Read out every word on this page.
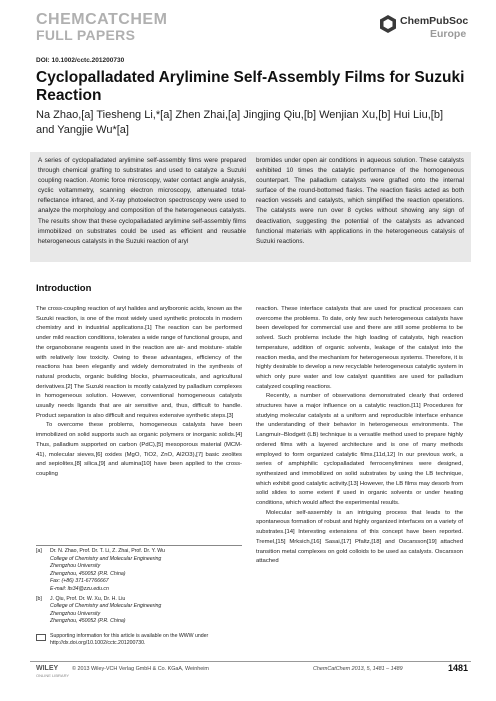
CHEMCATCHEM
FULL PAPERS
ChemPubSoc
Europe
DOI: 10.1002/cctc.201200730
Cyclopalladated Arylimine Self-Assembly Films for Suzuki Reaction
Na Zhao,[a] Tiesheng Li,*[a] Zhen Zhai,[a] Jingjing Qiu,[b] Wenjian Xu,[b] Hui Liu,[b] and Yangjie Wu*[a]
A series of cyclopalladated arylimine self-assembly films were prepared through chemical grafting to substrates and used to catalyze a Suzuki coupling reaction. Atomic force microscopy, water contact angle analysis, cyclic voltammetry, scanning electron microscopy, attenuated total-reflectance infrared, and X-ray photoelectron spectroscopy were used to analyze the morphology and composition of the heterogeneous catalysts. The results show that these cyclopalladated arylimine self-assembly films immobilized on substrates could be used as efficient and reusable heterogeneous catalysts in the Suzuki reaction of aryl
bromides under open air conditions in aqueous solution. These catalysts exhibited 10 times the catalytic performance of the homogeneous counterpart. The palladium catalysts were grafted onto the internal surface of the round-bottomed flasks. The reaction flasks acted as both reaction vessels and catalysts, which simplified the reaction operations. The catalysts were run over 8 cycles without showing any sign of deactivation, suggesting the potential of the catalysts as advanced functional materials with applications in the heterogeneous catalysis of Suzuki reactions.
Introduction

The cross-coupling reaction of aryl halides and arylboronic acids, known as the Suzuki reaction, is one of the most widely used synthetic protocols in modern chemistry and in industrial applications.[1] The reaction can be performed under mild reaction conditions, tolerates a wide range of functional groups, and the organoborane reagents used in the reaction are air- and moisture- stable with relatively low toxicity. Owing to these advantages, efficiency of the reactions has been elegantly and widely demonstrated in the synthesis of natural products, organic building blocks, pharmaceuticals, and agricultural derivatives.[2] The Suzuki reaction is mostly catalyzed by palladium complexes in homogeneous solution. However, conventional homogeneous catalysts usually needs ligands that are air sensitive and, thus, difficult to handle. Product separation is also difficult and requires extensive synthetic steps.[3]

To overcome these problems, homogeneous catalysts have been immobilized on solid supports such as organic polymers or inorganic solids.[4] Thus, palladium supported on carbon (PdC),[5] mesoporous material (MCM-41), molecular sieves,[6] oxides (MgO, TiO2, ZnO, Al2O3),[7] basic zeolites and sepiolites,[8] silica,[9] and alumina[10] have been applied to the cross-coupling

reaction. These interface catalysts that are used for practical processes can overcome the problems. To date, only few such heterogeneous catalysts have been developed for commercial use and there are still some problems to be solved. Such problems include the high loading of catalysts, high reaction temperature, addition of organic solvents, leakage of the catalyst into the reaction media, and the mechanism for heterogeneous systems. Therefore, it is highly desirable to develop a new recyclable heterogeneous catalytic system in which only pure water and low catalyst quantities are used for palladium catalyzed coupling reactions.

Recently, a number of observations demonstrated clearly that ordered structures have a major influence on a catalytic reaction.[11] Procedures for studying molecular catalysts at a uniform and reproducible interface enhance the understanding of their behavior in heterogeneous environments. The Langmuir–Blodgett (LB) technique is a versatile method used to prepare highly ordered films with a layered architecture and is one of many methods employed to form organized catalytic films.[11d,12] In our previous work, a series of amphiphilic cyclopalladated ferrocenylimines were designed, synthesized and immobilized on solid substrates by using the LB technique, which exhibit good catalytic activity.[13] However, the LB films may desorb from solid slides to some extent if used in organic solvents or under heating conditions, which would affect the experimental results.

Molecular self-assembly is an intriguing process that leads to the spontaneous formation of robust and highly organized interfaces on a variety of substrates.[14] Interesting extensions of this concept have been reported. Tremel,[15] Mrksich,[16] Sasai,[17] Pfaltz,[18] and Oscarsson[19] attached transition metal complexes on gold colloids to be used as catalysts. Oscarsson attached

[a]	Dr. N. Zhao, Prof. Dr. T. Li, Z. Zhai, Prof. Dr. Y. Wu
College of Chemistry and Molecular Engineering
Zhengzhou University
Zhengzhou, 450052 (P.R. China)
Fax: (+86) 371-67766667
E-mail: lts34@zzu.edu.cn
[b]	J. Qiu, Prof. Dr. W. Xu, Dr. H. Liu
College of Chemistry and Molecular Engineering
Zhengzhou University
Zhengzhou, 450052 (P.R. China)
Supporting information for this article is available on the WWW under http://dx.doi.org/10.1002/cctc.201200730.
WILEY
ONLINE LIBRARY
© 2013 Wiley-VCH Verlag GmbH & Co. KGaA, Weinheim	ChemCatChem 2013, 5, 1481 – 1489	1481
